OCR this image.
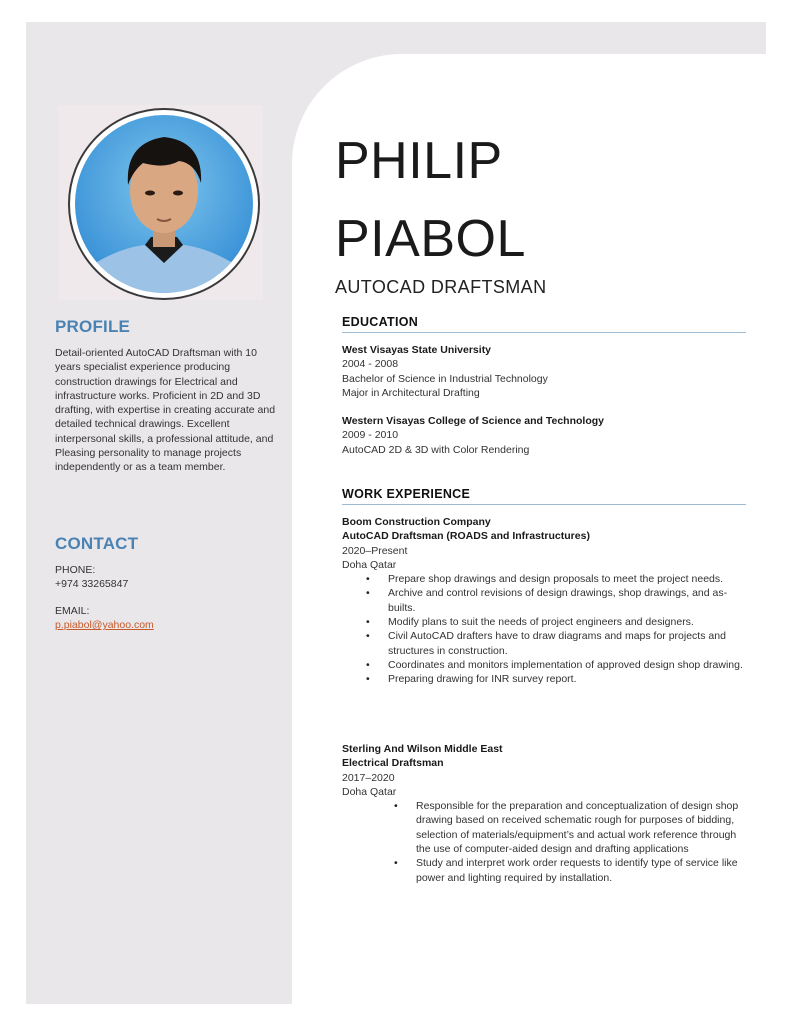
PROFILE

Detail-oriented AutoCAD Draftsman with 10 years specialist experience producing construction drawings for Electrical and infrastructure works. Proficient in 2D and 3D drafting, with expertise in creating accurate and detailed technical drawings. Excellent interpersonal skills, a professional attitude, and Pleasing personality to manage projects independently or as a team member.

CONTACT
PHONE:
+974 33265847
EMAIL:
p.piabol@yahoo.com
PHILIP
PIABOL
AUTOCAD DRAFTSMAN
EDUCATION
West Visayas State University
2004 - 2008
Bachelor of Science in Industrial Technology
Major in Architectural Drafting
Western Visayas College of Science and Technology
2009 - 2010
AutoCAD 2D & 3D with Color Rendering
WORK EXPERIENCE
Boom Construction Company
AutoCAD Draftsman (ROADS and Infrastructures)
2020–Present
Doha Qatar
• Prepare shop drawings and design proposals to meet the project needs.
• Archive and control revisions of design drawings, shop drawings, and as-builts.
• Modify plans to suit the needs of project engineers and designers.
• Civil AutoCAD drafters have to draw diagrams and maps for projects and structures in construction.
• Coordinates and monitors implementation of approved design shop drawing.
• Preparing drawing for INR survey report.
Sterling And Wilson Middle East
Electrical Draftsman
2017–2020
Doha Qatar
• Responsible for the preparation and conceptualization of design shop drawing based on received schematic rough for purposes of bidding, selection of materials/equipment’s and actual work reference through the use of computer-aided design and drafting applications
• Study and interpret work order requests to identify type of service like power and lighting required by installation.
